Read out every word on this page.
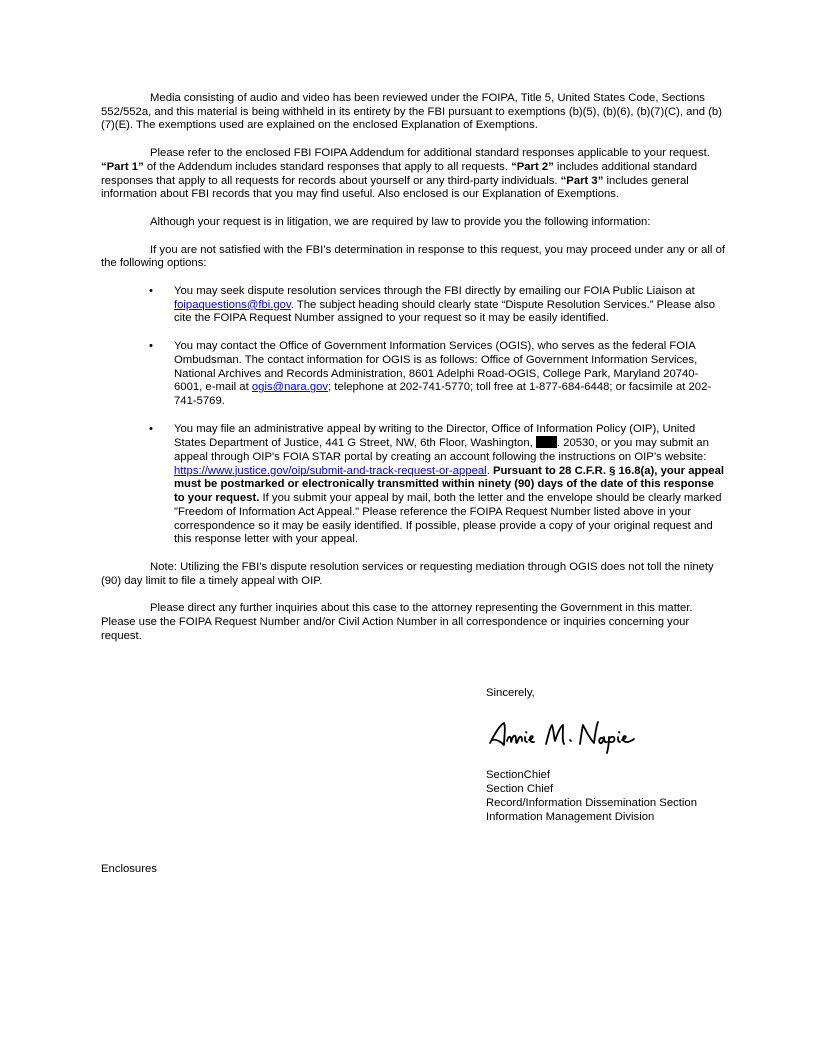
Media consisting of audio and video has been reviewed under the FOIPA, Title 5, United States Code, Sections 552/552a, and this material is being withheld in its entirety by the FBI pursuant to exemptions (b)(5), (b)(6), (b)(7)(C), and (b)(7)(E). The exemptions used are explained on the enclosed Explanation of Exemptions.

Please refer to the enclosed FBI FOIPA Addendum for additional standard responses applicable to your request. “Part 1” of the Addendum includes standard responses that apply to all requests. “Part 2” includes additional standard responses that apply to all requests for records about yourself or any third-party individuals. “Part 3” includes general information about FBI records that you may find useful. Also enclosed is our Explanation of Exemptions.

Although your request is in litigation, we are required by law to provide you the following information:

If you are not satisfied with the FBI’s determination in response to this request, you may proceed under any or all of the following options:

• You may seek dispute resolution services through the FBI directly by emailing our FOIA Public Liaison at foipaquestions@fbi.gov. The subject heading should clearly state “Dispute Resolution Services.” Please also cite the FOIPA Request Number assigned to your request so it may be easily identified.
• You may contact the Office of Government Information Services (OGIS), who serves as the federal FOIA Ombudsman. The contact information for OGIS is as follows: Office of Government Information Services, National Archives and Records Administration, 8601 Adelphi Road-OGIS, College Park, Maryland 20740-6001, e-mail at ogis@nara.gov; telephone at 202-741-5770; toll free at 1-877-684-6448; or facsimile at 202-741-5769.
• You may file an administrative appeal by writing to the Director, Office of Information Policy (OIP), United States Department of Justice, 441 G Street, NW, 6th Floor, Washington, . 20530, or you may submit an appeal through OIP's FOIA STAR portal by creating an account following the instructions on OIP’s website: https://www.justice.gov/oip/submit-and-track-request-or-appeal. Pursuant to 28 C.F.R. § 16.8(a), your appeal must be postmarked or electronically transmitted within ninety (90) days of the date of this response to your request. If you submit your appeal by mail, both the letter and the envelope should be clearly marked "Freedom of Information Act Appeal." Please reference the FOIPA Request Number listed above in your correspondence so it may be easily identified. If possible, please provide a copy of your original request and this response letter with your appeal.

Note: Utilizing the FBI’s dispute resolution services or requesting mediation through OGIS does not toll the ninety (90) day limit to file a timely appeal with OIP.

Please direct any further inquiries about this case to the attorney representing the Government in this matter. Please use the FOIPA Request Number and/or Civil Action Number in all correspondence or inquiries concerning your request.

Sincerely,
SectionChief
Section Chief
Record/Information Dissemination Section
Information Management Division
Enclosures
